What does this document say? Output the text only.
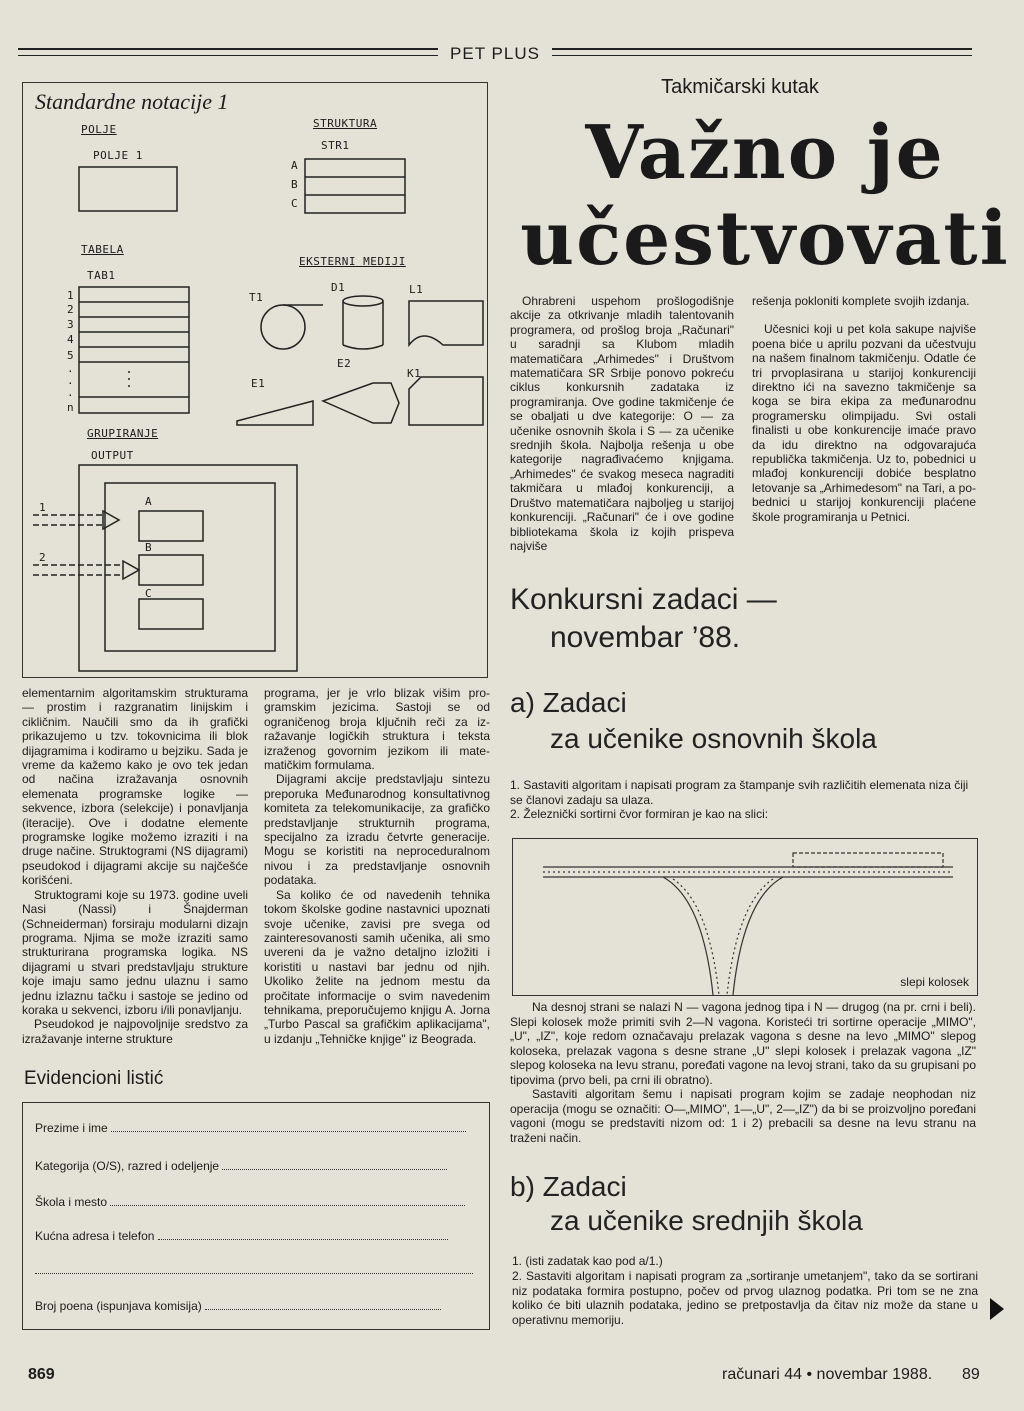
PET PLUS
Standardne notacije 1
POLJE
POLJE 1
STRUKTURA
STR1
A
B
C
TABELA
TAB1
1
2
3
4
5
·
·
·
n
EKSTERNI MEDIJI
T1
D1	L1
E1
E2
K1
GRUPIRANJE
OUTPUT
1
2
A
B
C

elementarnim algoritamskim strukturama — prostim i razgranatim linijskim i cikličnim. Naučili smo da ih grafički prikazujemo u tzv. tokovnicima ili blok dijagramima i kodiramo u bejziku. Sada je vreme da kažemo kako je ovo tek jedan od načina izražavanja osnovnih elemenata programske logike — sekvence, izbora (selekcije) i ponavljanja (iteracije). Ove i dodatne elemente programske logike možemo izraziti i na druge načine. Struktogrami (NS dijagrami) pseudokod i dijagrami akcije su najčešće korišćeni.

Struktogrami koje su 1973. godine uveli Nasi (Nassi) i Šnajderman (Schneiderman) forsiraju modularni dizajn programa. Njima se može izraziti samo strukturirana programska logika. NS dijagrami u stvari predstavljaju strukture koje imaju samo jednu ulaznu i samo jednu izlaznu tačku i sastoje se jedino od koraka u sekvenci, izboru i/ili ponavljanju.

Pseudokod je najpovoljnije sredstvo za izražavanje interne strukture

programa, jer je vrlo blizak višim programskim jezicima. Sastoji se od ograničenog broja ključnih reči za izražavanje logičkih struktura i teksta izraženog govornim jezikom ili matematičkim formulama.

Dijagrami akcije predstavljaju sintezu preporuka Međunarodnog konsultativnog komiteta za telekomunikacije, za grafičko predstavljanje strukturnih programa, specijalno za izradu četvrte generacije. Mogu se koristiti na neproceduralnom nivou i za predstavljanje osnovnih podataka.

Sa koliko će od navedenih tehnika tokom školske godine nastavnici upoznati svoje učenike, zavisi pre svega od zainteresovanosti samih učenika, ali smo uvereni da je važno detaljno izložiti i koristiti u nastavi bar jednu od njih. Ukoliko želite na jednom mestu da pročitate informacije o svim navedenim tehnikama, preporučujemo knjigu A. Jorna „Turbo Pascal sa grafičkim aplikacijama", u izdanju „Tehničke knjige" iz Beograda.

Evidencioni listić
Prezime i ime
Kategorija (O/S), razred i odeljenje
Škola i mesto
Kućna adresa i telefon
Broj poena (ispunjava komisija)
Takmičarski kutak
Važno je
učestvovati

Ohrabreni uspehom prošlogodišnje akcije za otkrivanje mladih talentovanih programera, od prošlog broja „Računari" u saradnji sa Klubom mladih matematičara „Arhimedes" i Društvom matematičara SR Srbije ponovo pokreću ciklus konkursnih zadataka iz programiranja. Ove godine takmičenje će se obaljati u dve kategorije: O — za učenike osnovnih škola i S — za učenike srednjih škola. Najbolja rešenja u obe kategorije nagrađivaćemo knjigama. „Arhimedes" će svakog meseca nagraditi takmičara u mlađoj konkurenciji, a Društvo matematičara najboljeg u starijoj konkurenciji. „Računari" će i ove godine bibliotekama škola iz kojih prispeva najviše

rešenja pokloniti komplete svojih izdanja.

Učesnici koji u pet kola sakupe najviše poena biće u aprilu pozvani da učestvuju na našem finalnom takmičenju. Odatle će tri prvoplasirana u starijoj konkurenciji direktno ići na savezno takmičenje sa koga se bira ekipa za međunarodnu programersku olimpijadu. Svi ostali finalisti u obe konkurencije imaće pravo da idu direktno na odgovarajuća republička takmičenja. Uz to, pobednici u mlađoj konkurenciji dobiće besplatno letovanje sa „Arhimedesom" na Tari, a pobednici u starijoj konkurenciji plaćene škole programiranja u Petnici.

Konkursni zadaci —
novembar ’88.
a) Zadaci
za učenike osnovnih škola
1. Sastaviti algoritam i napisati program za štampanje svih različitih elemenata niza čiji se članovi zadaju sa ulaza.
2. Železnički sortirni čvor formiran je kao na slici:
slepi kolosek

Na desnoj strani se nalazi N — vagona jednog tipa i N — drugog (na pr. crni i beli). Slepi kolosek može primiti svih 2—N vagona. Koristeći tri sortirne operacije „MIMO", „U", „IZ", koje redom označavaju prelazak vagona s desne na levo „MIMO" slepog koloseka, prelazak vagona s desne strane „U" slepi kolosek i prelazak vagona „IZ" slepog koloseka na levu stranu, poređati vagone na levoj strani, tako da su grupisani po tipovima (prvo beli, pa crni ili obratno).

Sastaviti algoritam šemu i napisati program kojim se zadaje neophodan niz operacija (mogu se označiti: O—„MIMO", 1—„U", 2—„IZ") da bi se proizvoljno poređani vagoni (mogu se predstaviti nizom od: 1 i 2) prebacili sa desne na levu stranu na traženi način.

b) Zadaci
za učenike srednjih škola
1. (isti zadatak kao pod a/1.)
2. Sastaviti algoritam i napisati program za „sortiranje umetanjem", tako da se sortirani niz podataka formira postupno, počev od prvog ulaznog podatka. Pri tom se ne zna koliko će biti ulaznih podataka, jedino se pretpostavlja da čitav niz može da stane u operativnu memoriju.
869	računari 44 • novembar 1988. 89
